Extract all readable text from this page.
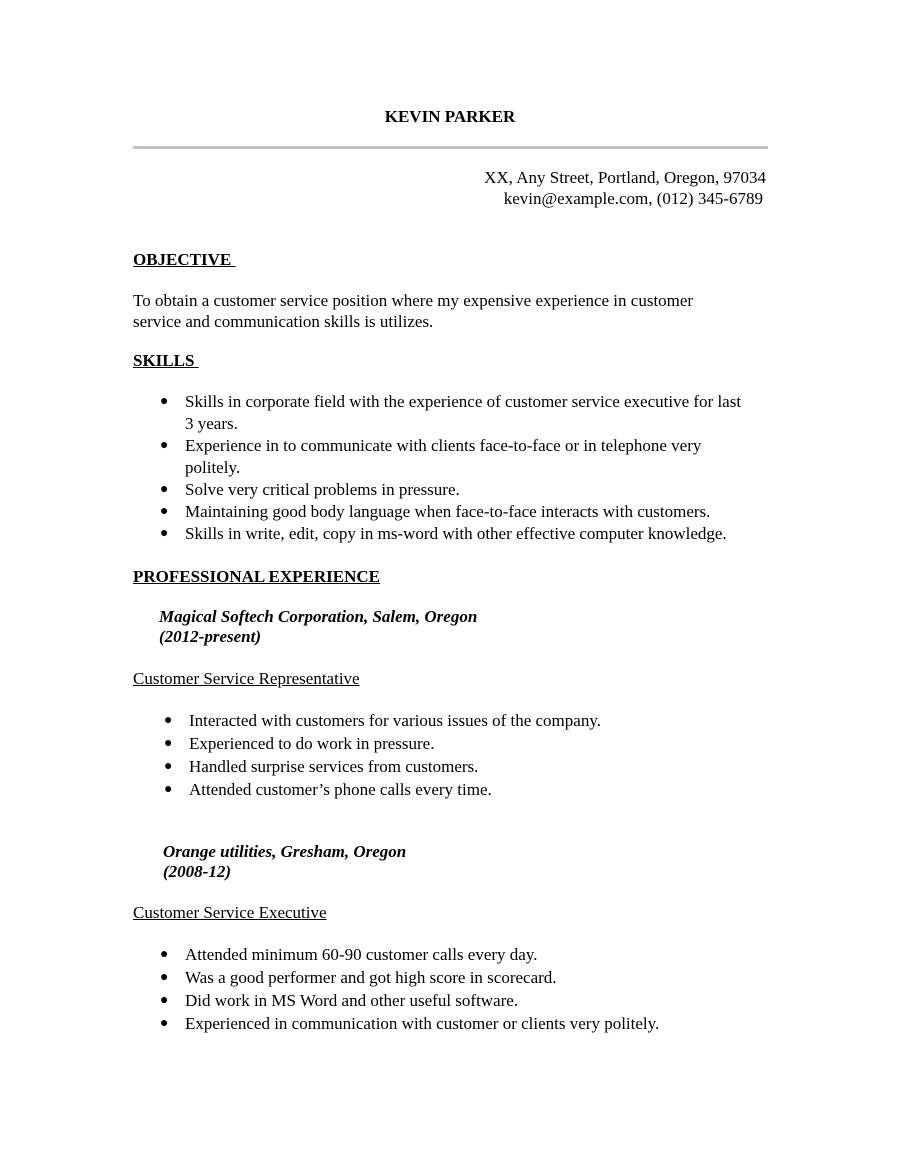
KEVIN PARKER
XX, Any Street, Portland, Oregon, 97034
kevin@example.com, (012) 345-6789
OBJECTIVE
To obtain a customer service position where my expensive experience in customer
service and communication skills is utilizes.
SKILLS
● Skills in corporate field with the experience of customer service executive for last
3 years.
● Experience in to communicate with clients face-to-face or in telephone very
politely.
● Solve very critical problems in pressure.
● Maintaining good body language when face-to-face interacts with customers.
● Skills in write, edit, copy in ms-word with other effective computer knowledge.
PROFESSIONAL EXPERIENCE
Magical Softech Corporation, Salem, Oregon
(2012-present)
Customer Service Representative
● Interacted with customers for various issues of the company.
● Experienced to do work in pressure.
● Handled surprise services from customers.
● Attended customer’s phone calls every time.
Orange utilities, Gresham, Oregon
(2008-12)
Customer Service Executive
● Attended minimum 60-90 customer calls every day.
● Was a good performer and got high score in scorecard.
● Did work in MS Word and other useful software.
● Experienced in communication with customer or clients very politely.
